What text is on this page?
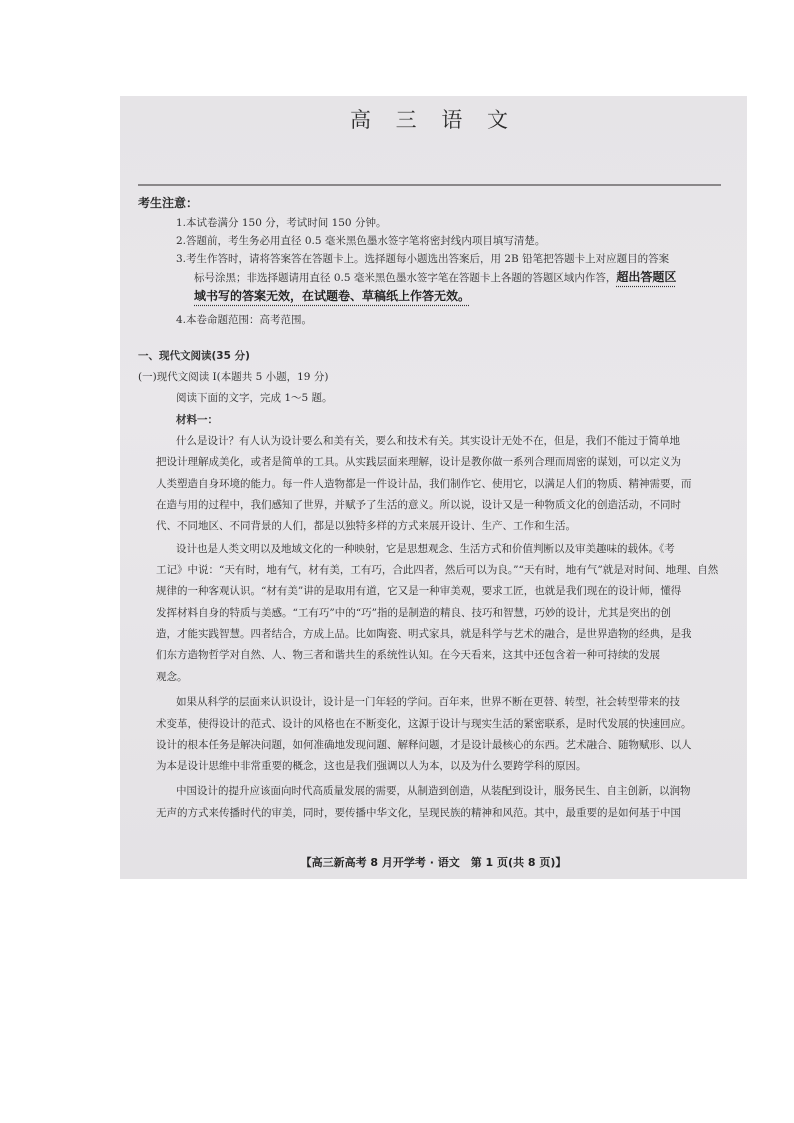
高 三 语 文
考生注意：
1.本试卷满分 150 分，考试时间 150 分钟。
2.答题前，考生务必用直径 0.5 毫米黑色墨水签字笔将密封线内项目填写清楚。
3.考生作答时，请将答案答在答题卡上。选择题每小题选出答案后，用 2B 铅笔把答题卡上对应题目的答案
标号涂黑；非选择题请用直径 0.5 毫米黑色墨水签字笔在答题卡上各题的答题区域内作答，超出答题区
域书写的答案无效，在试题卷、草稿纸上作答无效。
4.本卷命题范围：高考范围。
一、现代文阅读(35 分)
(一)现代文阅读 I(本题共 5 小题，19 分)
阅读下面的文字，完成 1～5 题。
材料一：
什么是设计？有人认为设计要么和美有关，要么和技术有关。其实设计无处不在，但是，我们不能过于简单地
把设计理解成美化，或者是简单的工具。从实践层面来理解，设计是教你做一系列合理而周密的谋划，可以定义为
人类塑造自身环境的能力。每一件人造物都是一件设计品，我们制作它、使用它，以满足人们的物质、精神需要，而
在造与用的过程中，我们感知了世界，并赋予了生活的意义。所以说，设计又是一种物质文化的创造活动，不同时
代、不同地区、不同背景的人们，都是以独特多样的方式来展开设计、生产、工作和生活。
设计也是人类文明以及地域文化的一种映射，它是思想观念、生活方式和价值判断以及审美趣味的载体。《考
工记》中说：“天有时，地有气，材有美，工有巧，合此四者，然后可以为良。”“天有时，地有气”就是对时间、地理、自然
规律的一种客观认识。“材有美”讲的是取用有道，它又是一种审美观，要求工匠，也就是我们现在的设计师，懂得
发挥材料自身的特质与美感。“工有巧”中的“巧”指的是制造的精良、技巧和智慧，巧妙的设计，尤其是突出的创
造，才能实践智慧。四者结合，方成上品。比如陶瓷、明式家具，就是科学与艺术的融合，是世界造物的经典，是我
们东方造物哲学对自然、人、物三者和谐共生的系统性认知。在今天看来，这其中还包含着一种可持续的发展
观念。
如果从科学的层面来认识设计，设计是一门年轻的学问。百年来，世界不断在更替、转型，社会转型带来的技
术变革，使得设计的范式、设计的风格也在不断变化，这源于设计与现实生活的紧密联系，是时代发展的快速回应。
设计的根本任务是解决问题，如何准确地发现问题、解释问题，才是设计最核心的东西。艺术融合、随物赋形、以人
为本是设计思维中非常重要的概念，这也是我们强调以人为本，以及为什么要跨学科的原因。
中国设计的提升应该面向时代高质量发展的需要，从制造到创造，从装配到设计，服务民生、自主创新，以润物
无声的方式来传播时代的审美，同时，要传播中华文化，呈现民族的精神和风范。其中，最重要的是如何基于中国
【高三新高考 8 月开学考 · 语文　第 1 页(共 8 页)】
